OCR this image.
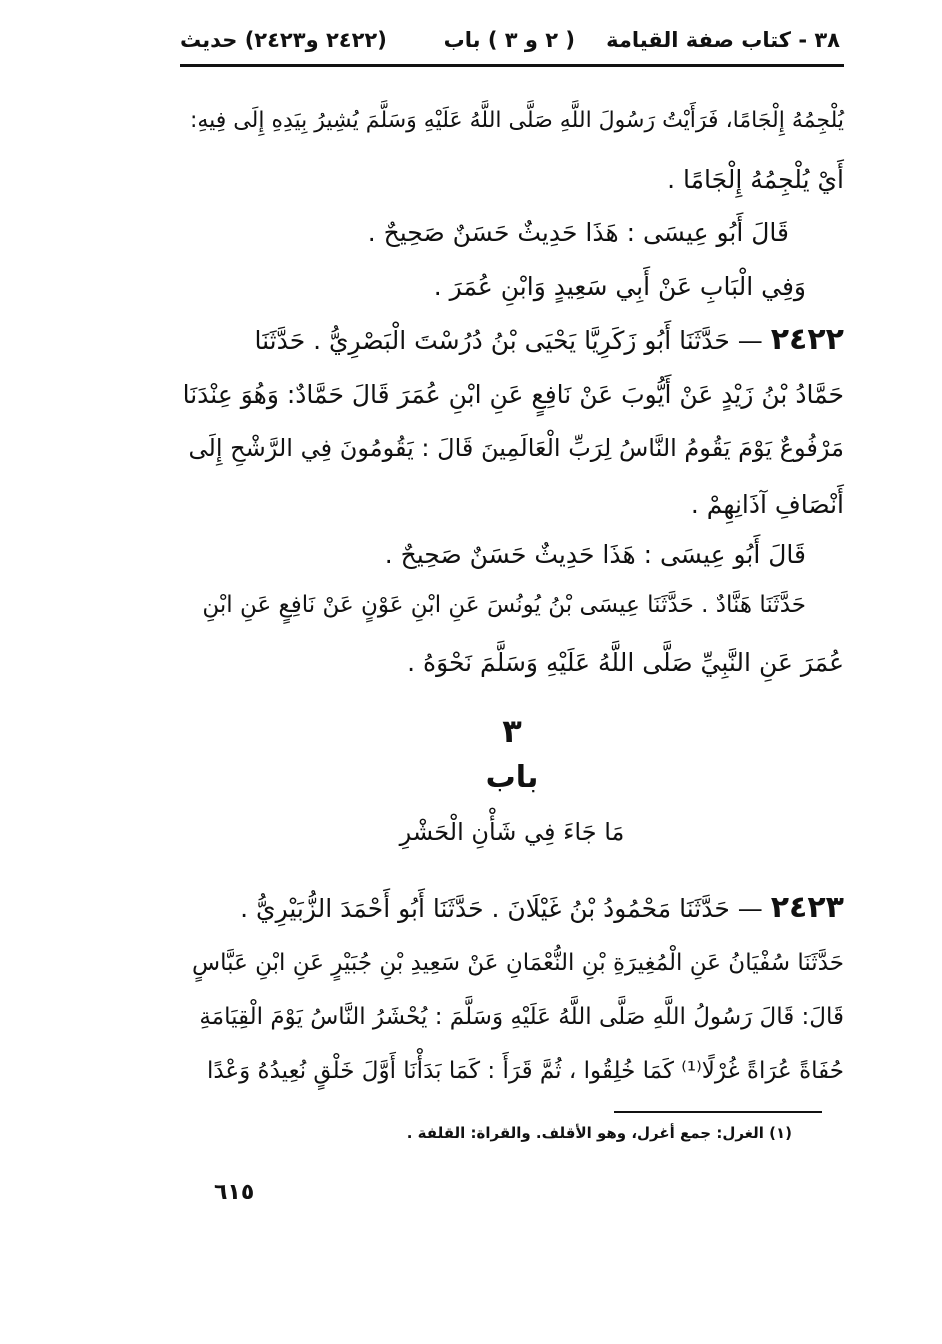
٣٨ - كتاب صفة القيامة
( ٢ و ٣ ) باب
(٢٤٢٢ و٢٤٢٣) حديث
يُلْجِمُهُ إِلْجَامًا، فَرَأَيْتُ رَسُولَ اللَّهِ صَلَّى اللَّهُ عَلَيْهِ وَسَلَّمَ يُشِيرُ بِيَدِهِ إِلَى فِيهِ:
أَيْ يُلْجِمُهُ إِلْجَامًا .
قَالَ أَبُو عِيسَى : هَذَا حَدِيثٌ حَسَنٌ صَحِيحٌ .
وَفِي الْبَابِ عَنْ أَبِي سَعِيدٍ وَابْنِ عُمَرَ .
٢٤٢٢ — حَدَّثَنَا أَبُو زَكَرِيَّا يَحْيَى بْنُ دُرُسْتَ الْبَصْرِيُّ . حَدَّثَنَا
حَمَّادُ بْنُ زَيْدٍ عَنْ أَيُّوبَ عَنْ نَافِعٍ عَنِ ابْنِ عُمَرَ قَالَ حَمَّادٌ: وَهُوَ عِنْدَنَا
مَرْفُوعٌ يَوْمَ يَقُومُ النَّاسُ لِرَبِّ الْعَالَمِينَ قَالَ : يَقُومُونَ فِي الرَّشْحِ إِلَى
أَنْصَافِ آذَانِهِمْ .
قَالَ أَبُو عِيسَى : هَذَا حَدِيثٌ حَسَنٌ صَحِيحٌ .
حَدَّثَنَا هَنَّادٌ . حَدَّثَنَا عِيسَى بْنُ يُونُسَ عَنِ ابْنِ عَوْنٍ عَنْ نَافِعٍ عَنِ ابْنِ
عُمَرَ عَنِ النَّبِيِّ صَلَّى اللَّهُ عَلَيْهِ وَسَلَّمَ نَحْوَهُ .
٣
باب
مَا جَاءَ فِي شَأْنِ الْحَشْرِ
٢٤٢٣ — حَدَّثَنَا مَحْمُودُ بْنُ غَيْلَانَ . حَدَّثَنَا أَبُو أَحْمَدَ الزُّبَيْرِيُّ .
حَدَّثَنَا سُفْيَانُ عَنِ الْمُغِيرَةِ بْنِ النُّعْمَانِ عَنْ سَعِيدِ بْنِ جُبَيْرٍ عَنِ ابْنِ عَبَّاسٍ
قَالَ: قَالَ رَسُولُ اللَّهِ صَلَّى اللَّهُ عَلَيْهِ وَسَلَّمَ : يُحْشَرُ النَّاسُ يَوْمَ الْقِيَامَةِ
حُفَاةً عُرَاةً غُرْلًا⁽¹⁾ كَمَا خُلِقُوا ، ثُمَّ قَرَأَ : كَمَا بَدَأْنَا أَوَّلَ خَلْقٍ نُعِيدُهُ وَعْدًا
(١) الغرل: جمع أغرل، وهو الأقلف. والقراة: القلفة .
٦١٥
